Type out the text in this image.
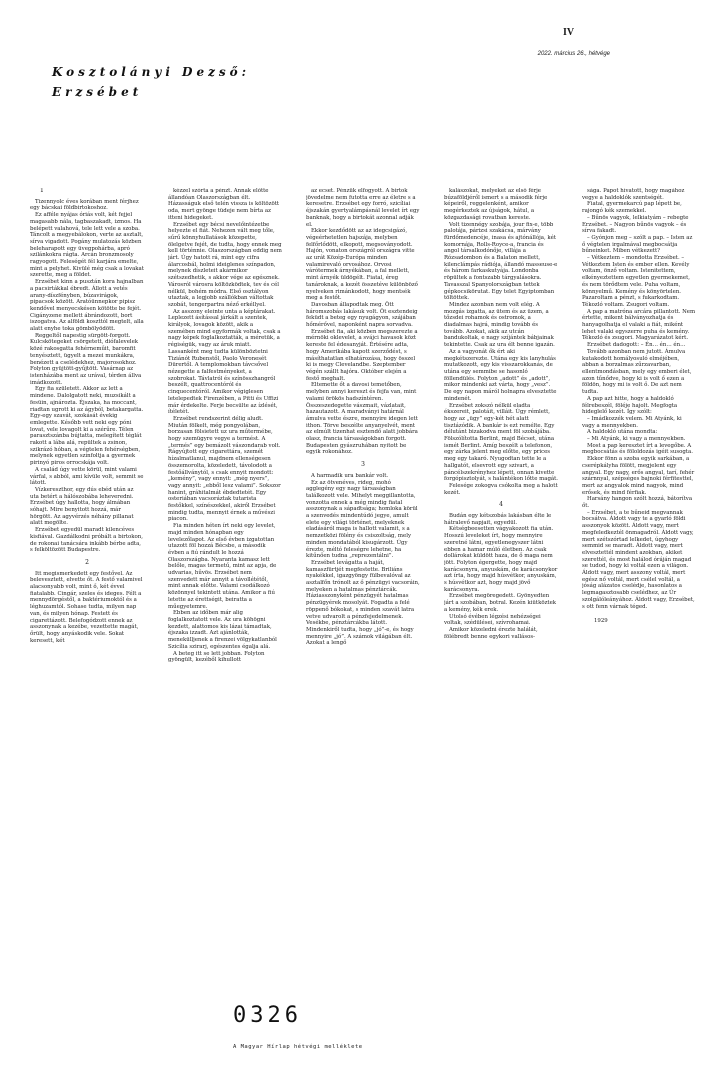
IV
2022. március 26., hétvége
Kosztolányi Dezső:
Erzsébet

1

Tizennyolc éves korában ment férjhez egy bácskai földbirtokoshoz.

Ez afféle nyájas óriás volt, két fejjel magasabb nála, tagbaszakadt, izmos. Ha belépett valahová, tele lett vele a szoba. Táncolt a megyebálokon, verte az asztalt, sírva vigadott. Pogány mulatozás közben beleharapott egy üvegpohárba, apró szilánkokra rágta. Arcán bronzmosoly ragyogott. Feleségét fél karjára emelte, mint a pelyhet. Kivülé még csak a lovakat szerette, meg a földet.

Erzsébet kinn a pusztán kora hajnalban a pacsirtákkal ébredt. Állott a vetés arany-díszfényben, búzavirágok, pipacsok között. Aratóünnepkor pipisz kendővel menyecskésen kötötte be fejét. Cigányzene mellett ábrándozott, bort iszogatva. Az alföldi koszttól megtelt, alla alatt enyhe toka gömbölyödött.

Reggeltől napestig sürgött-forgott. Kulcskötegeket csörgetett, diófalevelek közé rakosgatta fehérneműit, baromfit tenyésztett, ügyelt a mezei munkákra, benézett a cselédekhez, majorosokhoz. Folyton gyüjtött-gyűjtött. Vasárnap az istenházába ment az urával, térden állva imádkozott.

Egy fia született. Akkor az lett a mindene. Dalolgatott neki, muzsikált a fesüin, ajnározta. Éjszaka, ha moccant, riadtan ugrott ki az ágyból, betakargatta. Egy-egy szavát, szokását évekig emlegette. Később vett neki egy póni lovat, vele lovagolt ki a szérűre. Télen parasztszánba bújtatta, melegített téglát rakott a lába alá, repültek a zsinon, szikrázó hóban, a végtelen fehérségben, melynek egyetlen színfoltja a gyermek pirinyó piros orrocskája volt.

A család úgy vette körül, mint valami várfal, s abból, ami kívüle volt, semmit se látott.

Vízkereszthor, egy dús ebéd után az uta betért a hálószobába leheveredni. Erzsébet úgy hallotta, hogy álmában sóhajt. Mire benyitott hozzá, már hörgött. Az agyvérzés néhány pillanat alatt megölte.

Erzsébet egyedül maradt kilencéves kisfiával. Gazdálkodni próbált a birtokon, de rokonai tanácsára inkább bérbe adta, s felköltözött Budapestre.

2

Itt megismerkedett egy festővel. Az belevesztett, elvette őt. A festő valamivel alacsonyabb volt, mint ő, két évvel fiatalabb. Cingár, szeles és ideges. Félt a mennydörgéstől, a baktériumoktól és a léghuzamtól. Sohase tudta, milyen nap van, és milyen hónap. Festett és cigarettázott. Belefogódzott ennek az asszonynak a kezébe, vezettette magát, őrült, hogy anyáskodik vele. Sokat keresett, két

kézzel szórta a pénzt. Annak előtte állandóan Olaszországban élt. Házasságuk első telén vissza is költözött oda, mert gyönge tüdeje nem bírta az itteni hidegeket.

Erzsébet egy bécsi nevelőintézetbe helyezte el fiát. Nehezen vált meg tőle, sűrű könnyhullatások közepette, ölelgetve fejét, de tudta, hogy ennek meg kell történnie. Olaszországban eddig nem járt. Úgy hatott rá, mint egy cifra álarcosbál, holmi ideiglenes színpadon, melynek díszleteit akármikor szétszedhetik, s akkor vége az egésznek. Városról városra költözködtek, tev és cél nélkül, bohém módra. Első osztályon utaztak, a legjobb szállókban váltottak szobát, tengerpartra néző erkéllyel.

Az asszony eleinte unta a képtárakat. Leplezett ásítással járkált a szentek, királyok, lovagok között, akik a szemében mind egyformák voltak, csak a nagy képek foglalkoztatták, a méretük, a régiségük, vagy az áruk miatt. Lassanként meg tudta különböztetni Tiziánót Rubenstől, Paolo Veronesét Dürertől. A templomokban távcsővel nézegette a falfestményeket, a szobrokat. Távlatról és színösszhangról beszélt, quattrocentóról és cinquecentóról. Amikor végiglesen letelepedtek Firenzében, a Pitti és Uffizi már érdekelte. Ferje becsülte az ízlését, ítéletét.

Erzsébet rendszerint délig aludt. Miután fölkelt, még pongyolában, borzasan fölsietett uz ura műtermébe, hogy szemügyre vegye a termést. A „termés” egy bemázolt vászondarab volt. Rágyújtott egy cigarettára, szemét hízalmatlanul, majdnem ellenségesen összemorolta, közeledett, távolodott a festőállványtól, s csak ennyit mondott: „kemény”, vagy ennyit: „még nyers”, vagy annyit: „ebből lesz valami”. Sokszor hanint, gráhitalmát ébdedtetét. Egy osteriában vacsoráztak tutarista festőkkel, színészekkel, akiről Erzsébet mindig tudta, mennyit érnek a művészi piacon.

Fia minden héten írt neki egy levelet, majd minden hónapban egy levelezőlapot. Az első évben izgatottan utazott föl hozzá Bécsbe, a második évben a fiú rándult le hozzá Olaszországba. Nyaranta kamasz lett belőle, magas termetű, mint az apja, de udvarias, hűvös. Erzsébet nem szenvedett már annyit a távollététől, mint annak előtte. Valami csodálkozó közönnyel tekintett utána. Amikor a fiú letette az érettségit, beiratta a műegyetemre.

Ebben az időben már alig foglalkoztatott vele. Az ura köhögni kezdett, alattomos kis lázai támadtak, éjszaka izzadt. Azt ajánlották, menekülljenek a firenzei völgykatlanból Szicília szirarj, egészentes égalja alá.

A beteg itt se lett jobban. Folyton gyöngült, kezéből kihullott

az ecset. Pénzük elfogyott. A birtok jövedelme nem futotta erre az életre s a keresetre. Erzsébet egy forró, szicíliai éjszakán gyertyalámpásnál levelet írt egy banknak, hogy a birtokát azonnal adják el.

Ekkor kezdődött az az idegcsigázó, végeérhetetlen hajszája, melyben felfőrlődött, elkopott, megsoványodott. Hajón, vonaton országról országra vitte az urát Közép-Európa minden valamirevaló orvosához. Orvosi várótermek árnyékában, a fal mellett, mint árnyék üldögélt. Fiatal, éreg tanároknak, a kezét összetéve különböző nyelveken rimánkodott, hogy mentsék meg a festőt.

Davosban állapodtak meg. Ött háromszobás lakásuk volt. Öt esztendeig feküdt a beteg egy nyugágyon, szájában hőmérővel, naponként napra sorvadva.

Erzsébet fia, aki közben megszerezte a mérnöki oklevelet, a svájci havasok közt kereste fel édesanyját. Értésére adta, hogy Amerikába kapott szerződést, s másíthatatlan elhatározása, hogy összel ki is megy Clevelandbe. Szeptember végén szállt hajóra. Október elején a festő meghalt.

Eltemette őt a davosi temetőben, melyben annyi kereszt és fejfa van, mint valami örökös hadszíntéren. Összeszedegette vászmait, vázlatait, hazautazott. A maradványi határnál ámulva vette észre, mennyire idegen lett ithon. Törve beszélte anyanyelvét, ment az elmúlt tizenhat esztendő alatt jobbára olasz, francia társaságokban forgott. Budapesten gyászruhában nyitott be egyik rokonához.

3

A harmadik ura bankár volt.

Ez az ötvenéves, rideg, mohó agglegény egy nagy társaságban találkozott vele. Mihelyt meggillantotta, vonzotta ennek a még mindig fiatal asszonynak a sápadtsága; homloka körül a szenvedés mindentúdó jegye, amult elete egy világi történet, melyeknek eladásáról maga is hallott valamit, s a nemzetközi fölény és csiszoltság, mely minden mondatából kisugárzott. Úgy érezte, méltó feleségre lehetne, ha kitűnően tudna „reprezentálni”.

Erzsébet levágatta a haját, kamaszfürtjét megfestette. Briliáns nyakékkel, igazgyöngy fülbevalóval az asztalfőn trónolt az ő pénzügyi vacsoráin, melyeken a hatalmas pénztárcák. Háziasszonyként pénzügyét hatalmas pénzügyérek mosolyát. Fogadta a felé röppenő bókokat, s minden szavát latra vetve udvarolt a pénzfejedelmenek. Vesékbe, pénztárcákba látott. Mindenkiről tudta, hogy „jó”-e, és hogy mennyire „jó”. A számok világában élt. Azokat a lengő

kalászokat, melyeket az első férje búzaföldjéről ismert s a második férje képeiről, reggelenként, amikor megérkeztek az újságok, hátul, a közgazdasági rovatban kereste.

Volt tizennégy szobája, jour fix-e, több palotája, párizsi szakácsa, márvány fürdőmedencéje, inasa és ajtónállója, két komornája, Rolls-Royce-a, francia és angol társalkodónője, villája a Rózsadombon és a Balaton mellett, kilenclámpás rádiója, állandó masseuse-e és három farkaskutyája. Londonba röpültek a fontszabb tárgyalásokra. Tavasszal Spanyolországban tettek gépkocsikörutat. Egy telet Egyiptomban töltöttek.

Mindez azonban nem volt elég. A mozgás izgatta, az ütem és az üzem, a tőzsdei rohamok és ostromok, a diadalmas hajrá, mindig tovább és tovább. Azokat, akik az utcán bandukoltak, e nagy szíjántek bábjainak tekintette. Csak az ura élt benne igazán.

Az a vagyonát ők ért aki megkétszerezte. Utána egy kis lanyhulás mutatkozott, egy kis visszarokkanás, de utána egy semmibe se hasonló föllendülés. Folyton „adott” és „adott”, mikor mindenki azt várta, hogy „vesz”. De egy napon máról holnapra elvesztette mindenét.

Erzsébet zokszó nélkül eladta ékszereit, palotáit, villáit. Úgy rémlett, hogy az „ügy” egy-két hét alatt tisztázódik. A bankár is ezt remélte. Egy délutánt bizakodva ment föl szobájába. Fölszólította Berlint, majd Bécset, utána ismét Berlint. Amíg beszélt a telefonon, egy zárka jelent meg előtte, egy prices meg egy takaró. Nyugodtan tette le a hallgatót, elsevrott egy szivart, a páncélszekrényhez lépett, onnan kivette forgópisztolyát, s halántékon lőtte magát.

Felesége zokogva csókolta meg a halott kezét.

4

Budán egy kétszobás lakásban élte le hátralevő napjait, egyedül.

Kétségbeesetten vágyakozott fia után. Hosszú leveleket írt, hogy mennyire szeretné látni, egyetlenegyszer látni ebben a hamar múló életben. Az csak dollárokat küldött haza, de ő maga nem jött. Folyton égergette, hogy majd karácsonyra, anyuskám, de karácsonykor azt írta, hogy majd húsvétkor, anyuskám, s húsvétkor azt, hogy majd jövő karácsonyra.

Erzsébet megöregedett. Gyönyedten járt a szobában, botral. Kezén kiütköztek a kemény, kék erek.

Utolsó évében légzési nehézségei voltak, szédülései, szívrohamai.

Amikor közeledni érezte halálát, fölébredt benne egykori vallásos-

sága. Papot hívatott, hogy magához vegye a haldoklók szentségét.

Fiatal, gyermekarcú pap lépett be, rajongó kék szemekkel.

– Bűnös vagyok, lelkiatyám – rebegte Erzsébet. – Nagyon bűnös vagyok – és sírva fakadt.

– Gyónjon meg – szólt a pap. – Isten az ő végtelen irgalmával megbocsátja bűneinket. Miben vétkezett?

– Vétkeztem – mondotta Erzsébet. – Vétkeztem Isten és ember ellen. Kevély voltam, önző voltam. Istenitettem, elkényeztettem egyetlen gyermekemet, és nem törődtem vele. Puha voltam, könnyelmű. Kemény és könyörtelen. Pazaroltam a pénzt, s fukarkodtam. Tékozló voltam. Zsugori voltam.

A pap a matróna arcára pillantott. Nem értette, mikent bálványozhatja és hanyagolhatja el valaki a fiát, miként lehet valaki egyszerre puha és kemény. Tékozló és zsugori. Magyarázatot kért.

Erzsébet dadogott: – Én… én… én…

Tovább azonban nem jutott. Ámulva kutakodott homályosuló elméjében, abban a borzalmas zűrzavarban, ellentmondásban, mely egy emberi élet, azon tűnődve, hogy ki is volt ő ezen a földön, hogy mi is volt ő. De azt nem tudta.

A pap azt hitte, hogy a haldokló félrebeszél, föléje hajolt. Megfogta hideglelő kezét. Így szólt:

– Imádkozzék velem. Mi Atyánk, ki vagy a mennyekben.

A haldokló utána mondta:

– Mi Atyánk, ki vagy a mennyekben.

Most a pap keresztet írt a levegőbe. A megbocsátás és föloldozás igéit susogta.

Ekkor fönn a szoba egyik sarkában, a cserépkályha fölött, megjelent egy angyal. Egy nagy, erős angyal, tarí, fehér szárnnyal, szépséges bajnoki férfitesttel, mert az angyalok mind nagyok, mind erősek, és mind férfiak.

Harsány hangon szólt hozzá, bátorítva őt.

– Erzsébet, a te bűneid megvannak bocsátva. Áldott vagy te a gyarló földi asszonyok között. Áldott vagy, mert megfeledkeztél önmagadról. Áldott vagy, mert szétszórtad lelkedet, úgyhogy semmid se maradt. Áldott vagy, mert elvesztettél mindent azokban, akiket szerettél, és most halálod óráján magad se tudod, hogy ki voltál ezen a világon. Áldott vagy, mert asszony voltál, mert egész nő voltál, mert csélel voltál, a jóság alázatos cselédje, hasonlatos a legmagasztosabb cselédhez, az Úr szolgálóleányához. Áldott vagy, Erzsébet, s ott fenn várnak téged.

1929

0326
A Magyar Hírlap hétvégi melléklete
